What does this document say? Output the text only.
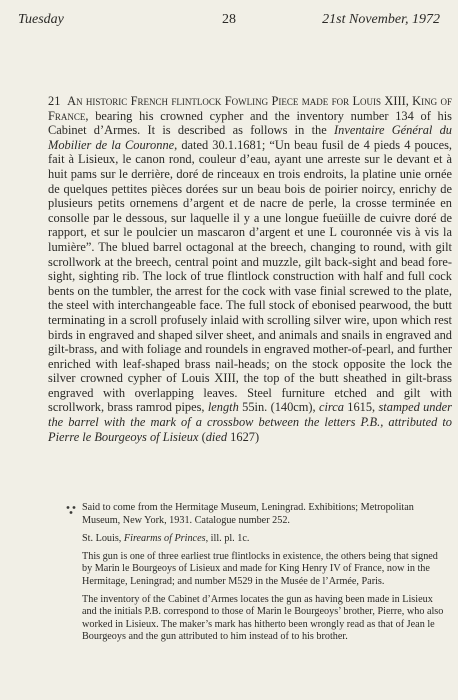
Tuesday	28	21st November, 1972

21 An historic French flintlock Fowling Piece made for Louis XIII, King of France, bearing his crowned cypher and the inventory number 134 of his Cabinet d’Armes. It is described as follows in the Inventaire Général du Mobilier de la Couronne, dated 30.1.1681; “Un beau fusil de 4 pieds 4 pouces, fait à Lisieux, le canon rond, couleur d’eau, ayant une arreste sur le devant et à huit pams sur le derrière, doré de rinceaux en trois endroits, la platine unie ornée de quelques pettites pièces dorées sur un beau bois de poirier noircy, enrichy de plusieurs petits ornemens d’argent et de nacre de perle, la crosse terminée en consolle par le dessous, sur laquelle il y a une longue fueüille de cuivre doré de rapport, et sur le poulcier un mascaron d’argent et une L couronnée vis à vis la lumière”. The blued barrel octagonal at the breech, changing to round, with gilt scrollwork at the breech, central point and muzzle, gilt back-sight and bead fore-sight, sighting rib. The lock of true flintlock construction with half and full cock bents on the tumbler, the arrest for the cock with vase finial screwed to the plate, the steel with interchangeable face. The full stock of ebonised pearwood, the butt terminating in a scroll profusely inlaid with scrolling silver wire, upon which rest birds in engraved and shaped silver sheet, and animals and snails in engraved and gilt-brass, and with foliage and roundels in engraved mother-of-pearl, and further enriched with leaf-shaped brass nail-heads; on the stock opposite the lock the silver crowned cypher of Louis XIII, the top of the butt sheathed in gilt-brass engraved with overlapping leaves. Steel furniture etched and gilt with scrollwork, brass ramrod pipes, length 55in. (140cm), circa 1615, stamped under the barrel with the mark of a crossbow between the letters P.B., attributed to Pierre le Bourgeoys of Lisieux (died 1627)

Said to come from the Hermitage Museum, Leningrad. Exhibitions; Metropolitan Museum, New York, 1931. Catalogue number 252.

St. Louis, Firearms of Princes, ill. pl. 1c.

This gun is one of three earliest true flintlocks in existence, the others being that signed by Marin le Bourgeoys of Lisieux and made for King Henry IV of France, now in the Hermitage, Leningrad; and number M529 in the Musée de l’Armée, Paris.

The inventory of the Cabinet d’Armes locates the gun as having been made in Lisieux and the initials P.B. correspond to those of Marin le Bourgeoys’ brother, Pierre, who also worked in Lisieux. The maker’s mark has hitherto been wrongly read as that of Jean le Bourgeoys and the gun attributed to him instead of to his brother.
